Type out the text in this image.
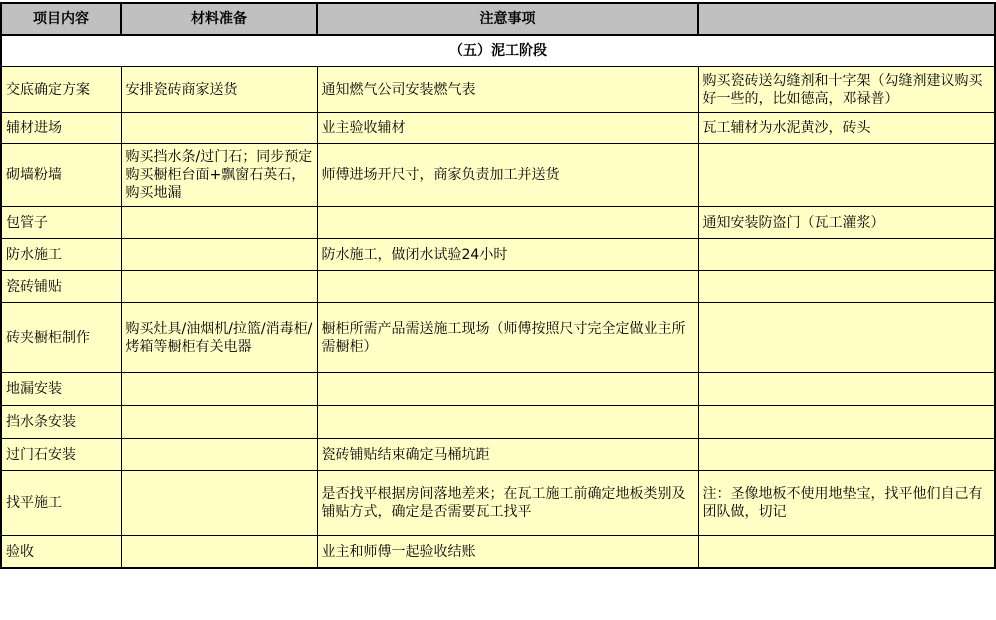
项目内容	材料准备	注意事项	
（五）泥工阶段			
交底确定方案	安排瓷砖商家送货	通知燃气公司安装燃气表	购买瓷砖送勾缝剂和十字架（勾缝剂建议购买好一些的，比如德高，邓禄普）
辅材进场		业主验收辅材	瓦工辅材为水泥黄沙，砖头
砌墙粉墙	购买挡水条/过门石；同步预定购买橱柜台面+飘窗石英石，购买地漏	师傅进场开尺寸，商家负责加工并送货	
包管子			通知安装防盗门（瓦工灌浆）
防水施工		防水施工，做闭水试验24小时	
瓷砖铺贴			
砖夹橱柜制作	购买灶具/油烟机/拉篮/消毒柜/烤箱等橱柜有关电器	橱柜所需产品需送施工现场（师傅按照尺寸完全定做业主所需橱柜）	
地漏安装			
挡水条安装			
过门石安装		瓷砖铺贴结束确定马桶坑距	
找平施工		是否找平根据房间落地差来；在瓦工施工前确定地板类别及铺贴方式，确定是否需要瓦工找平	注：圣像地板不使用地垫宝，找平他们自己有团队做，切记
验收		业主和师傅一起验收结账	
